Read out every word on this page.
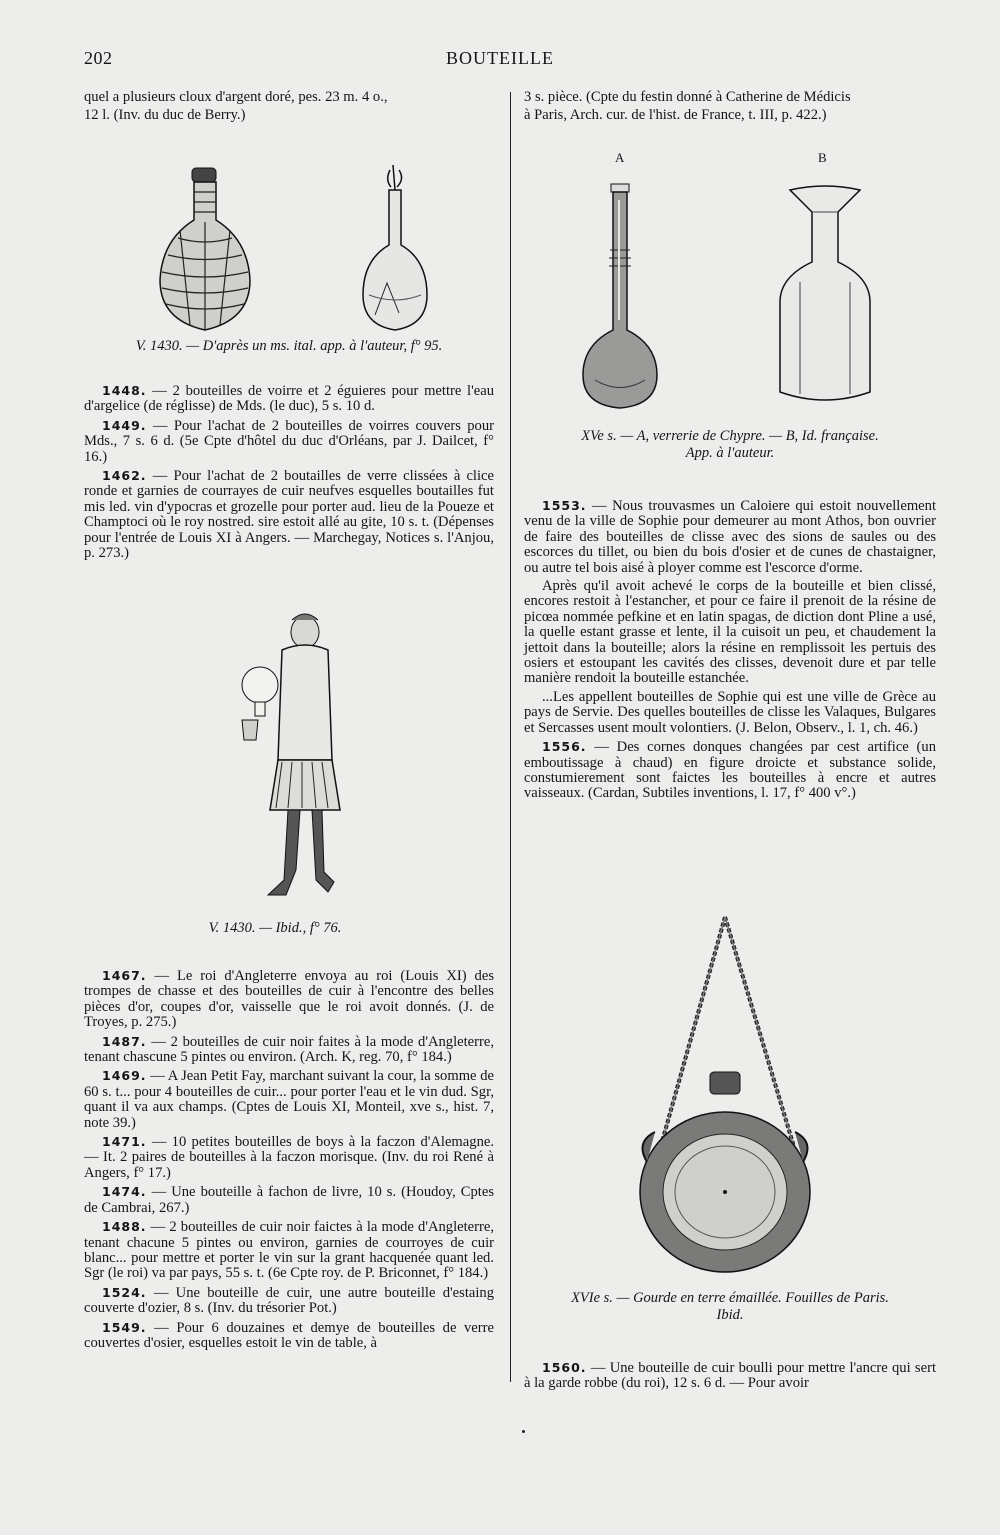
202	BOUTEILLE

quel a plusieurs cloux d'argent doré, pes. 23 m. 4 o.,

12 l. (Inv. du duc de Berry.)

V. 1430. — D'après un ms. ital. app. à l'auteur, f° 95.

1448. — 2 bouteilles de voirre et 2 éguieres pour mettre l'eau d'argelice (de réglisse) de Mds. (le duc), 5 s. 10 d.

1449. — Pour l'achat de 2 bouteilles de voirres couvers pour Mds., 7 s. 6 d. (5e Cpte d'hôtel du duc d'Orléans, par J. Dailcet, f° 16.)

1462. — Pour l'achat de 2 boutailles de verre clissées à clice ronde et garnies de courrayes de cuir neufves esquelles boutailles fut mis led. vin d'ypocras et grozelle pour porter aud. lieu de la Poueze et Champtoci où le roy nostred. sire estoit allé au gite, 10 s. t. (Dépenses pour l'entrée de Louis XI à Angers. — Marchegay, Notices s. l'Anjou, p. 273.)

V. 1430. — Ibid., f° 76.

1467. — Le roi d'Angleterre envoya au roi (Louis XI) des trompes de chasse et des bouteilles de cuir à l'encontre des belles pièces d'or, coupes d'or, vaisselle que le roi avoit donnés. (J. de Troyes, p. 275.)

1487. — 2 bouteilles de cuir noir faites à la mode d'Angleterre, tenant chascune 5 pintes ou environ. (Arch. K, reg. 70, f° 184.)

1469. — A Jean Petit Fay, marchant suivant la cour, la somme de 60 s. t... pour 4 bouteilles de cuir... pour porter l'eau et le vin dud. Sgr, quant il va aux champs. (Cptes de Louis XI, Monteil, xve s., hist. 7, note 39.)

1471. — 10 petites bouteilles de boys à la faczon d'Alemagne. — It. 2 paires de bouteilles à la faczon morisque. (Inv. du roi René à Angers, f° 17.)

1474. — Une bouteille à fachon de livre, 10 s. (Houdoy, Cptes de Cambrai, 267.)

1488. — 2 bouteilles de cuir noir faictes à la mode d'Angleterre, tenant chacune 5 pintes ou environ, garnies de courroyes de cuir blanc... pour mettre et porter le vin sur la grant hacquenée quant led. Sgr (le roi) va par pays, 55 s. t. (6e Cpte roy. de P. Briconnet, f° 184.)

1524. — Une bouteille de cuir, une autre bouteille d'estaing couverte d'ozier, 8 s. (Inv. du trésorier Pot.)

1549. — Pour 6 douzaines et demye de bouteilles de verre couvertes d'osier, esquelles estoit le vin de table, à

3 s. pièce. (Cpte du festin donné à Catherine de Médicis

à Paris, Arch. cur. de l'hist. de France, t. III, p. 422.)

A	B
XVe s. — A, verrerie de Chypre. — B, Id. française.
App. à l'auteur.

1553. — Nous trouvasmes un Caloiere qui estoit nouvellement venu de la ville de Sophie pour demeurer au mont Athos, bon ouvrier de faire des bouteilles de clisse avec des sions de saules ou des escorces du tillet, ou bien du bois d'osier et de cunes de chastaigner, ou autre tel bois aisé à ployer comme est l'escorce d'orme.

Après qu'il avoit achevé le corps de la bouteille et bien clissé, encores restoit à l'estancher, et pour ce faire il prenoit de la résine de picœa nommée pefkine et en latin spagas, de diction dont Pline a usé, la quelle estant grasse et lente, il la cuisoit un peu, et chaudement la jettoit dans la bouteille; alors la résine en remplissoit les pertuis des osiers et estoupant les cavités des clisses, devenoit dure et par telle manière rendoit la bouteille estanchée.

...Les appellent bouteilles de Sophie qui est une ville de Grèce au pays de Servie. Des quelles bouteilles de clisse les Valaques, Bulgares et Sercasses usent moult volontiers. (J. Belon, Observ., l. 1, ch. 46.)

1556. — Des cornes donques changées par cest artifice (un emboutissage à chaud) en figure droicte et substance solide, constumierement sont faictes les bouteilles à encre et autres vaisseaux. (Cardan, Subtiles inventions, l. 17, f° 400 v°.)

XVIe s. — Gourde en terre émaillée. Fouilles de Paris.
Ibid.

1560. — Une bouteille de cuir boulli pour mettre l'ancre qui sert à la garde robbe (du roi), 12 s. 6 d. — Pour avoir
